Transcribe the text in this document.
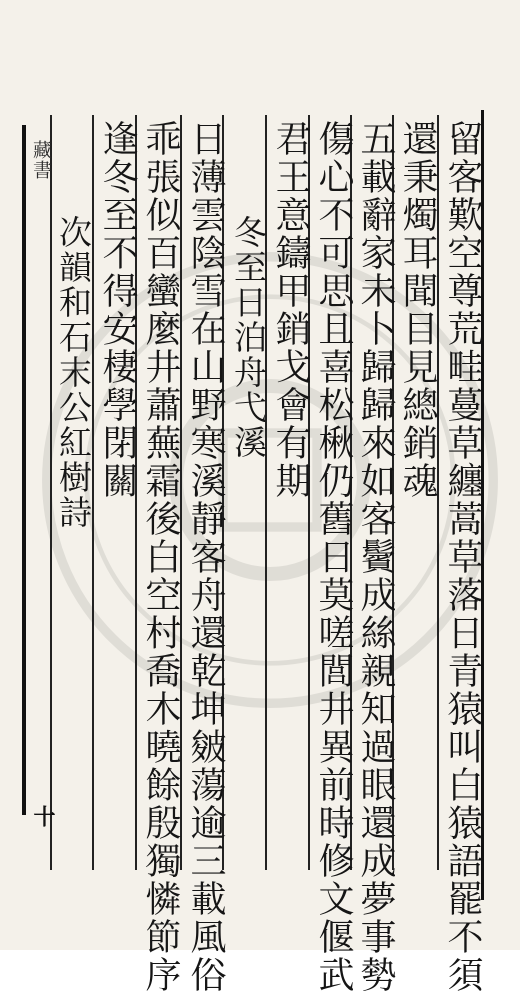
留客歎空尊荒畦蔓草纏蒿草落日青猿叫白猿語罷不須
還秉燭耳聞目見總銷魂
五載辭家未卜歸歸來如客鬢成絲親知過眼還成夢事勢
傷心不可思且喜松楸仍舊日莫嗟閭井異前時修文偃武
君王意鑄甲銷戈會有期
冬至日泊舟弋溪
日薄雲陰雪在山野寒溪靜客舟還乾坤皴蕩逾三載風俗
乖張似百蠻麼井蕭蕪霜後白空村喬木曉餘殷獨憐節序
逢冬至不得安棲學閉關
次韻和石末公紅樹詩
藏書
十
